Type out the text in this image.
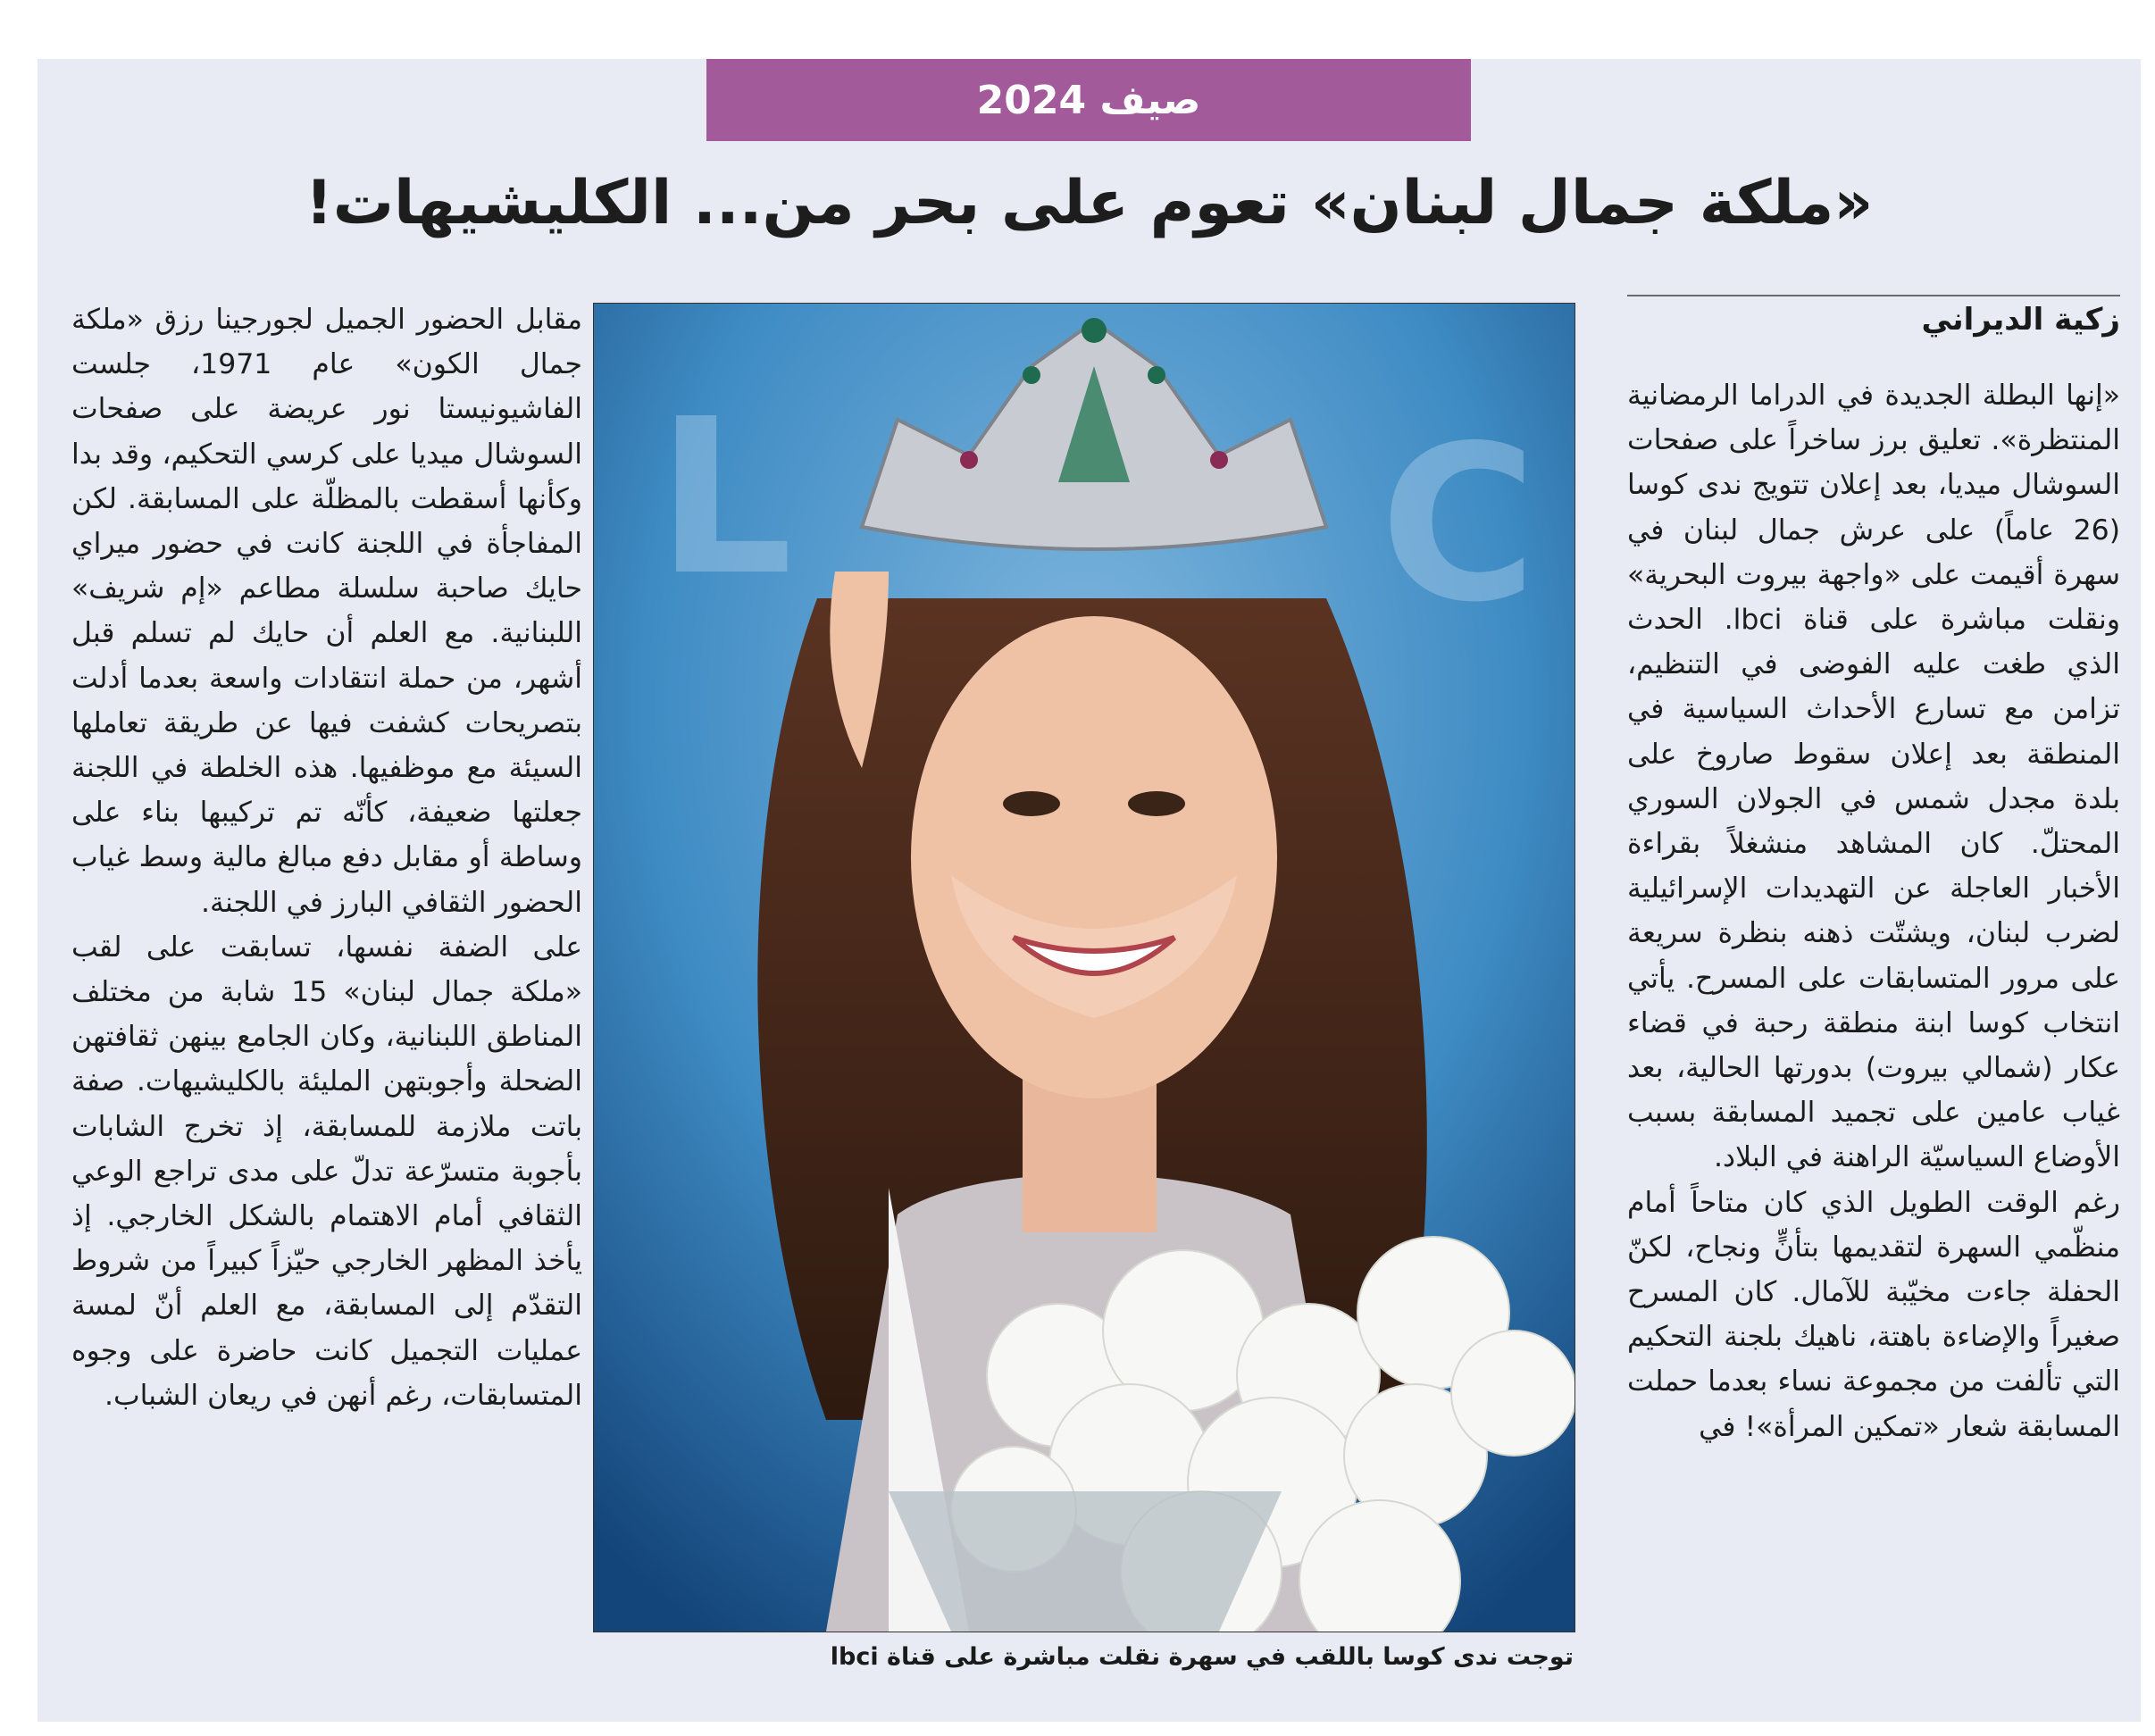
صيف 2024
«ملكة جمال لبنان» تعوم على بحر من... الكليشيهات!
زكية الديراني

«إنها البطلة الجديدة في الدراما الرمضانية المنتظرة». تعليق برز ساخراً على صفحات السوشال ميديا، بعد إعلان تتويج ندى كوسا (26 عاماً) على عرش جمال لبنان في سهرة أقيمت على «واجهة بيروت البحرية» ونقلت مباشرة على قناة lbci. الحدث الذي طغت عليه الفوضى في التنظيم، تزامن مع تسارع الأحداث السياسية في المنطقة بعد إعلان سقوط صاروخ على بلدة مجدل شمس في الجولان السوري المحتلّ. كان المشاهد منشغلاً بقراءة الأخبار العاجلة عن التهديدات الإسرائيلية لضرب لبنان، ويشتّت ذهنه بنظرة سريعة على مرور المتسابقات على المسرح. يأتي انتخاب كوسا ابنة منطقة رحبة في قضاء عكار (شمالي بيروت) بدورتها الحالية، بعد غياب عامين على تجميد المسابقة بسبب الأوضاع السياسيّة الراهنة في البلاد.

رغم الوقت الطويل الذي كان متاحاً أمام منظّمي السهرة لتقديمها بتأنٍّ ونجاح، لكنّ الحفلة جاءت مخيّبة للآمال. كان المسرح صغيراً والإضاءة باهتة، ناهيك بلجنة التحكيم التي تألفت من مجموعة نساء بعدما حملت المسابقة شعار «تمكين المرأة»! في

L	C
توجت ندى كوسا باللقب في سهرة نقلت مباشرة على قناة lbci

مقابل الحضور الجميل لجورجينا رزق «ملكة جمال الكون» عام 1971، جلست الفاشيونيستا نور عريضة على صفحات السوشال ميديا على كرسي التحكيم، وقد بدا وكأنها أسقطت بالمظلّة على المسابقة. لكن المفاجأة في اللجنة كانت في حضور ميراي حايك صاحبة سلسلة مطاعم «إم شريف» اللبنانية. مع العلم أن حايك لم تسلم قبل أشهر، من حملة انتقادات واسعة بعدما أدلت بتصريحات كشفت فيها عن طريقة تعاملها السيئة مع موظفيها. هذه الخلطة في اللجنة جعلتها ضعيفة، كأنّه تم تركيبها بناء على وساطة أو مقابل دفع مبالغ مالية وسط غياب الحضور الثقافي البارز في اللجنة.

على الضفة نفسها، تسابقت على لقب «ملكة جمال لبنان» 15 شابة من مختلف المناطق اللبنانية، وكان الجامع بينهن ثقافتهن الضحلة وأجوبتهن المليئة بالكليشيهات. صفة باتت ملازمة للمسابقة، إذ تخرج الشابات بأجوبة متسرّعة تدلّ على مدى تراجع الوعي الثقافي أمام الاهتمام بالشكل الخارجي. إذ يأخذ المظهر الخارجي حيّزاً كبيراً من شروط التقدّم إلى المسابقة، مع العلم أنّ لمسة عمليات التجميل كانت حاضرة على وجوه المتسابقات، رغم أنهن في ريعان الشباب.
